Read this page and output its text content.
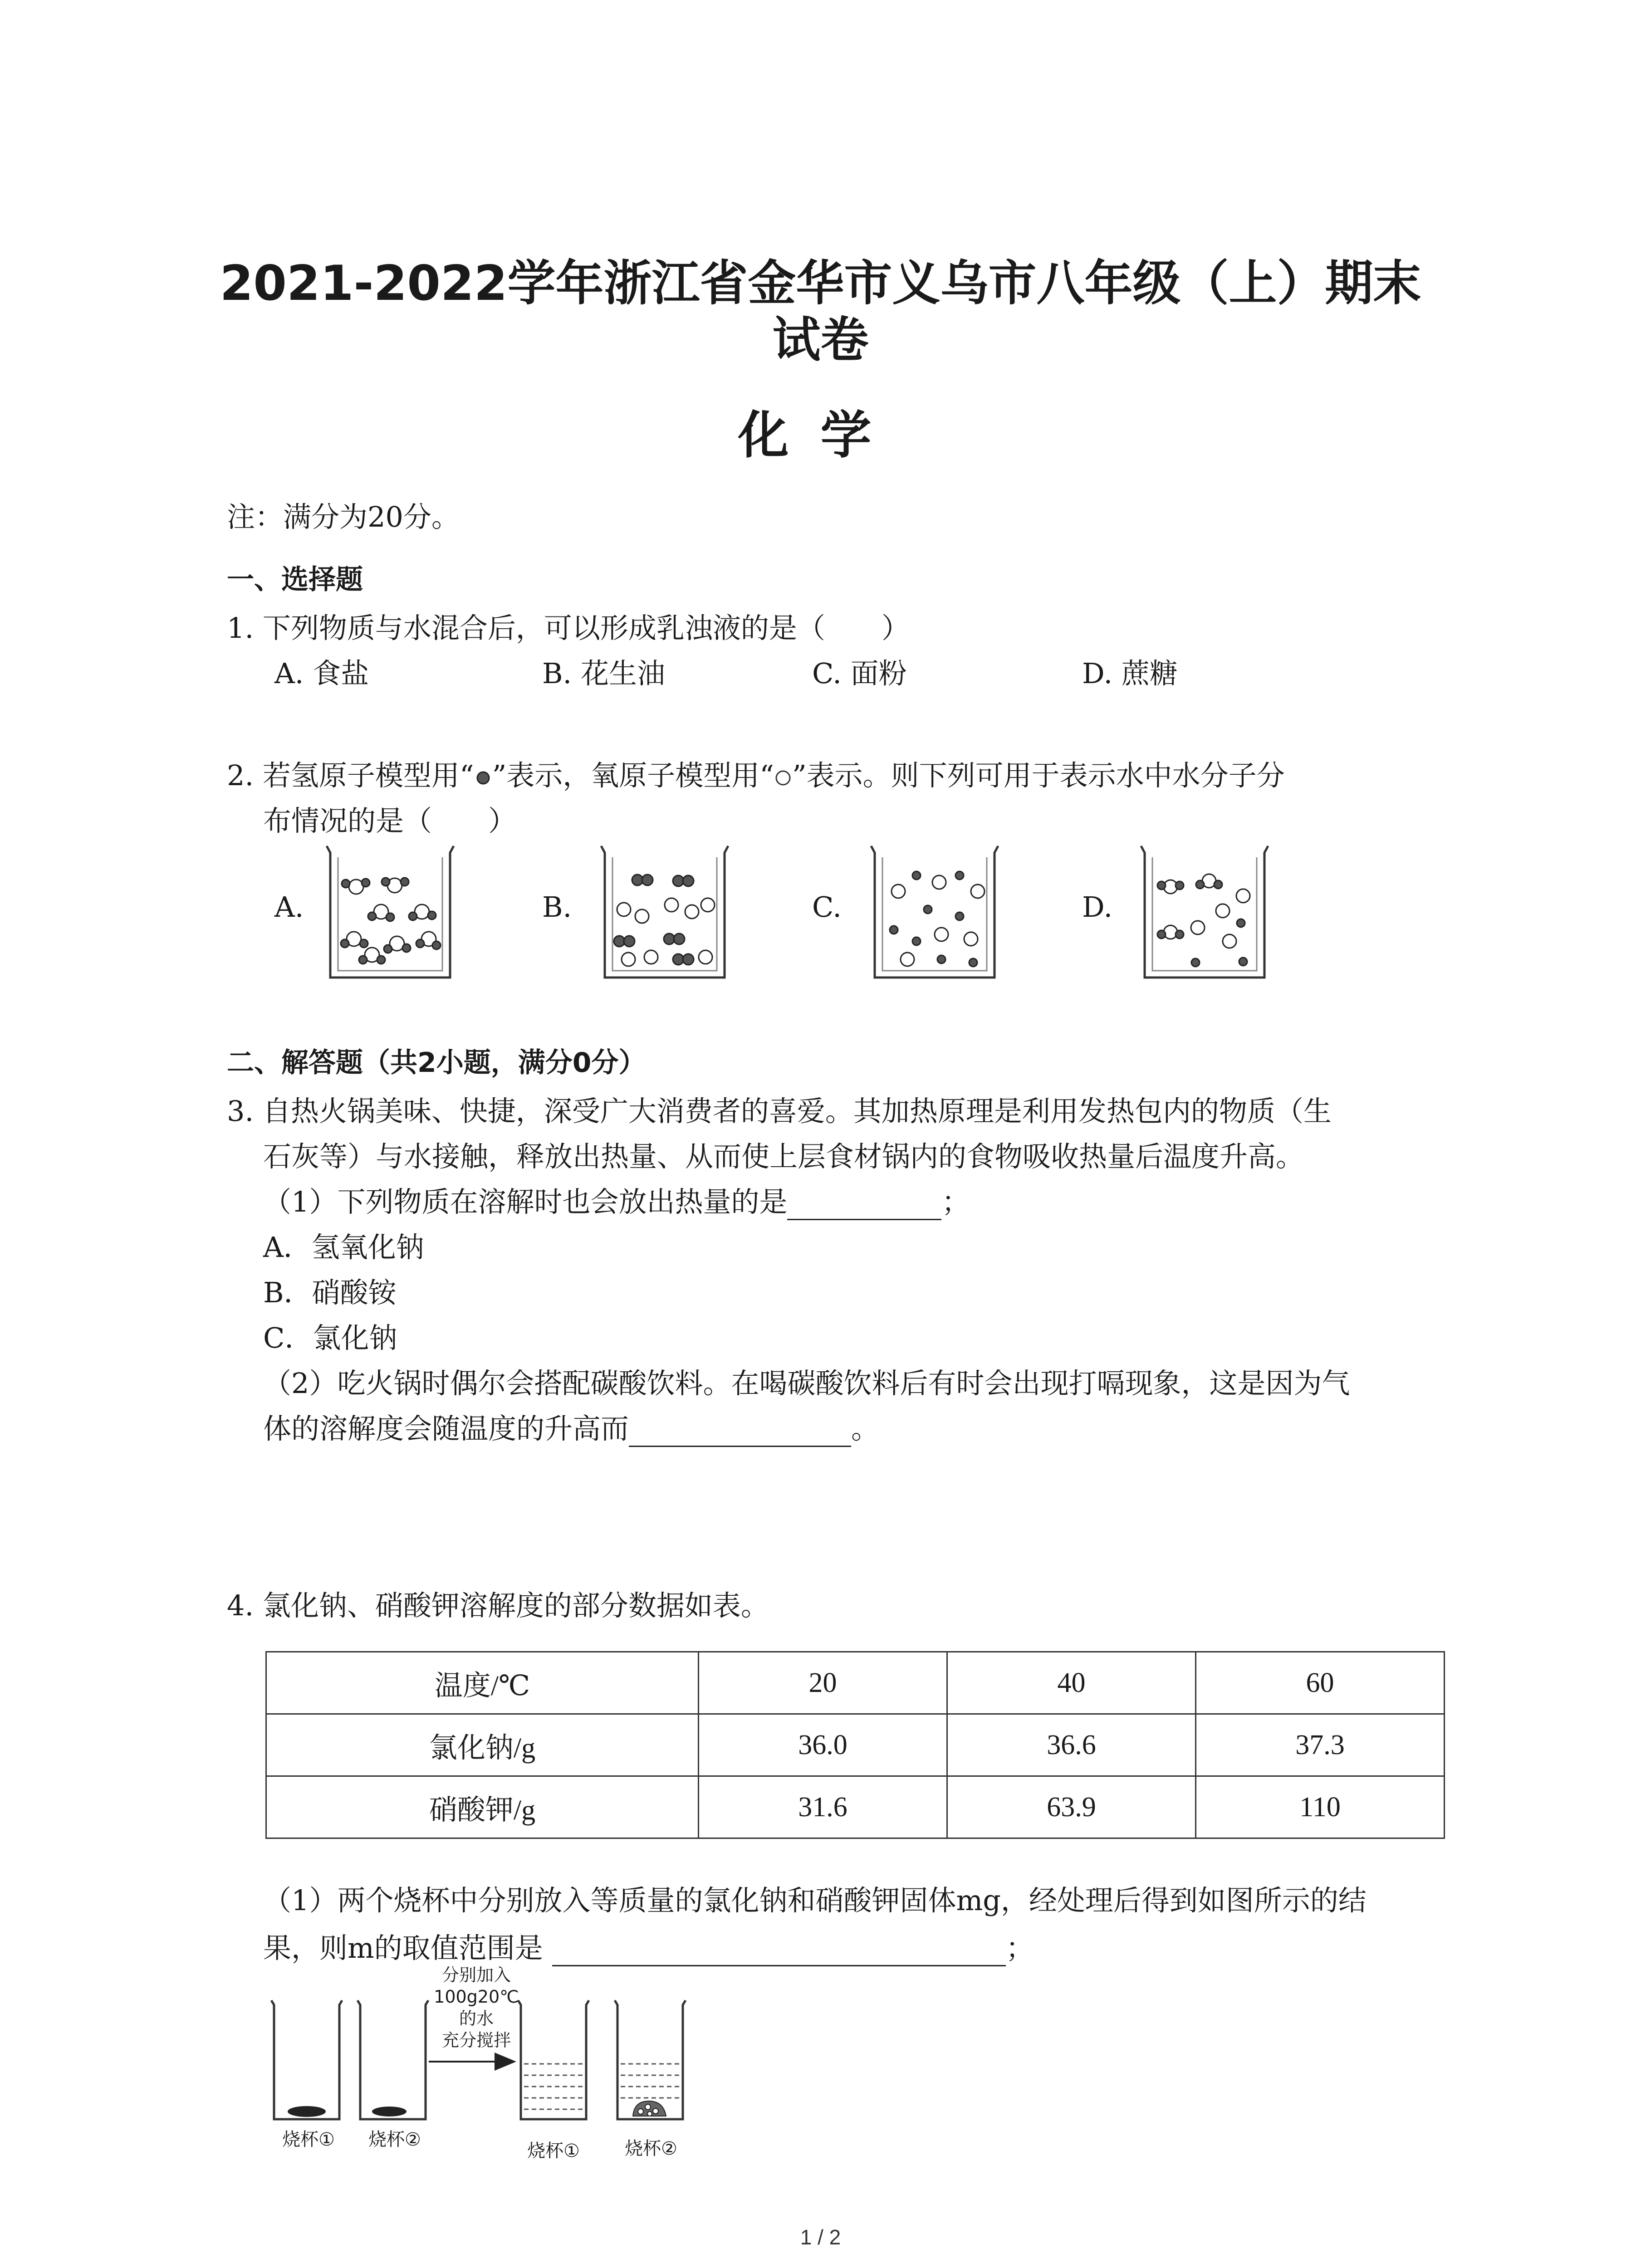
2021-2022学年浙江省金华市义乌市八年级（上）期末
试卷
化学
注：满分为20分。
一、选择题
1. 下列物质与水混合后，可以形成乳浊液的是（　　）
A. 食盐	B. 花生油	C. 面粉	D. 蔗糖
2. 若氢原子模型用“ ”表示，氧原子模型用“ ”表示。则下列可用于表示水中水分子分
布情况的是（　　）
A.	B.	C.	D.
二、解答题（共2小题，满分0分）
3. 自热火锅美味、快捷，深受广大消费者的喜爱。其加热原理是利用发热包内的物质（生
石灰等）与水接触，释放出热量、从而使上层食材锅内的食物吸收热量后温度升高。
（1）下列物质在溶解时也会放出热量的是	；
A．氢氧化钠
B．硝酸铵
C．氯化钠
（2）吃火锅时偶尔会搭配碳酸饮料。在喝碳酸饮料后有时会出现打嗝现象，这是因为气
体的溶解度会随温度的升高而	。
4. 氯化钠、硝酸钾溶解度的部分数据如表。
温度/℃	20	40	60
氯化钠/g	36.0	36.6	37.3
硝酸钾/g	31.6	63.9	110
（1）两个烧杯中分别放入等质量的氯化钠和硝酸钾固体mg，经处理后得到如图所示的结
果，则m的取值范围是	；
分别加入
100g20℃
的水
充分搅拌
烧杯①	烧杯②
烧杯①	烧杯②
1 / 2
